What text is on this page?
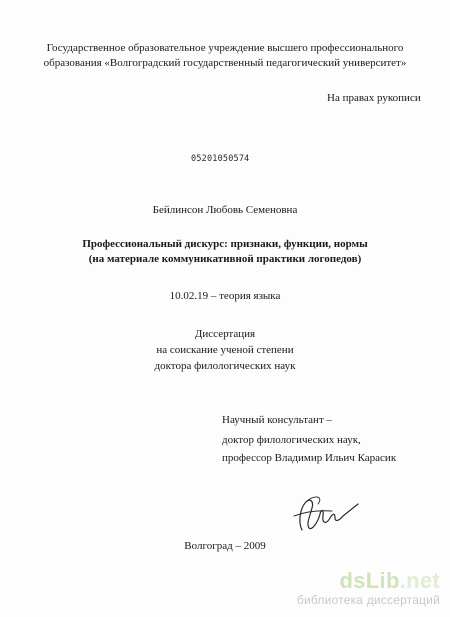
Государственное образовательное учреждение высшего профессионального
образования «Волгоградский государственный педагогический университет»
На правах рукописи
05201050574
Бейлинсон Любовь Семеновна
Профессиональный дискурс: признаки, функции, нормы
(на материале коммуникативной практики логопедов)
10.02.19 – теория языка
Диссертация
на соискание ученой степени
доктора филологических наук
Научный консультант –
доктор филологических наук,
профессор Владимир Ильич Карасик
Волгоград – 2009
dsLib.net
библиотека диссертаций
